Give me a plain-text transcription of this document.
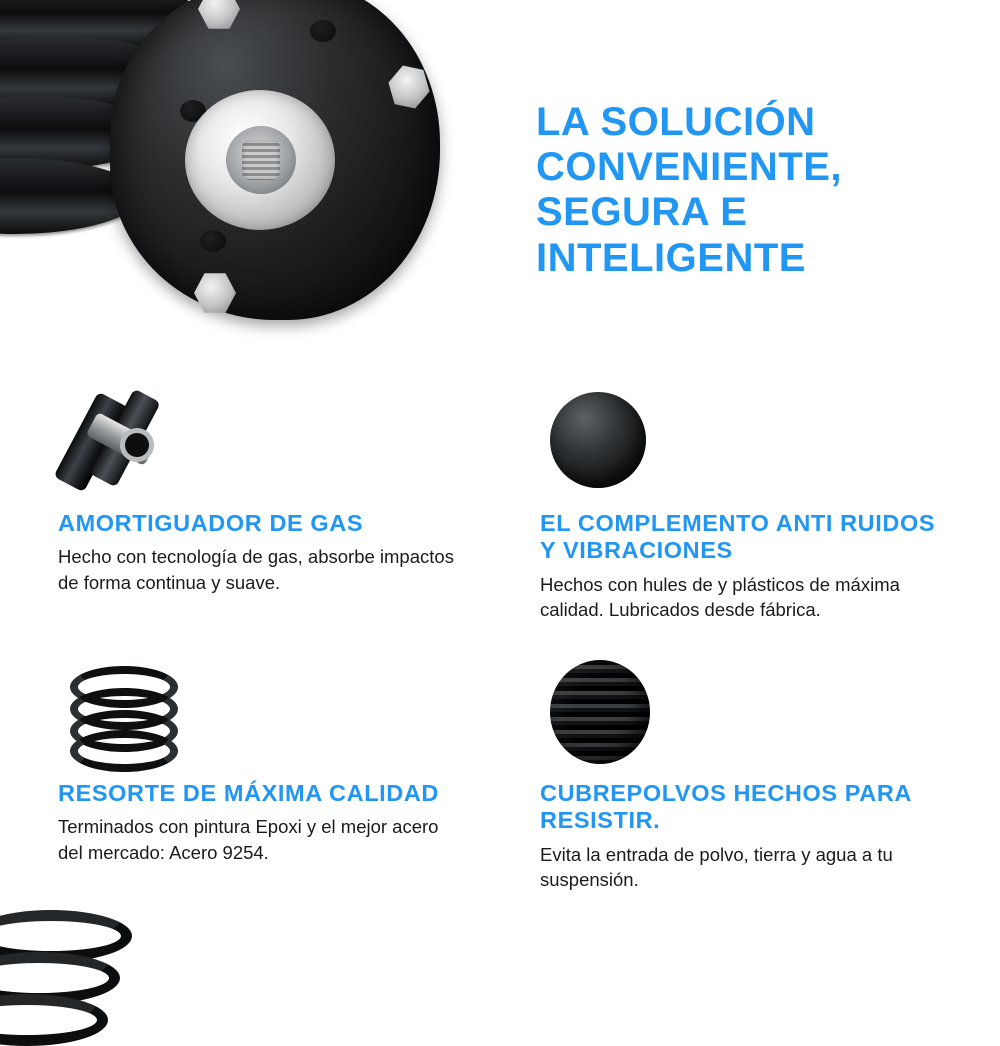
LA SOLUCIÓN CONVENIENTE, SEGURA E INTELIGENTE
AMORTIGUADOR DE GAS
Hecho con tecnología de gas, absorbe impactos de forma continua y suave.
EL COMPLEMENTO ANTI RUIDOS Y VIBRACIONES
Hechos con hules de y plásticos de máxima calidad. Lubricados desde fábrica.
RESORTE DE MÁXIMA CALIDAD
Terminados con pintura Epoxi y el mejor acero del mercado: Acero 9254.
CUBREPOLVOS HECHOS PARA RESISTIR.
Evita la entrada de polvo, tierra y agua a tu suspensión.
